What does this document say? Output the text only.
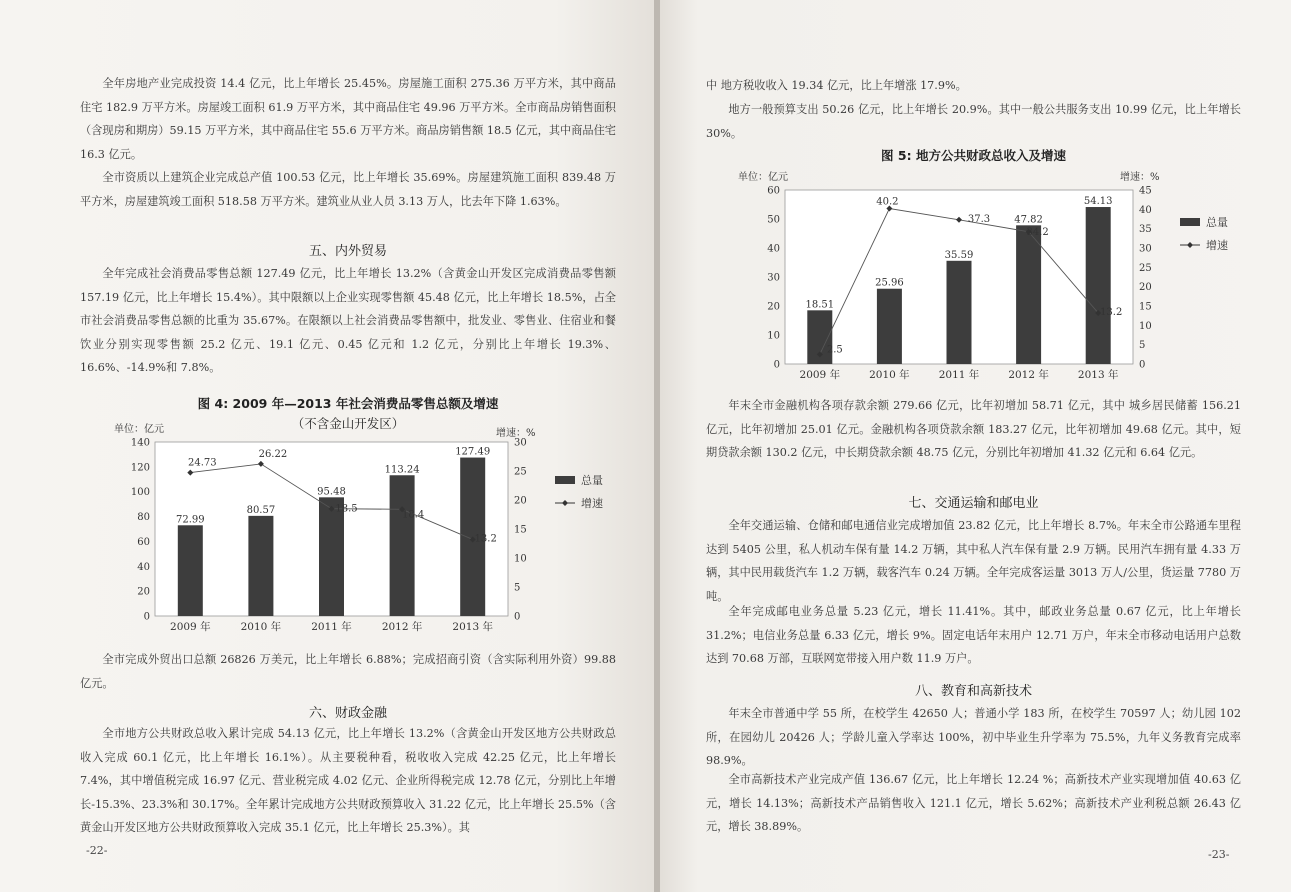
全年房地产业完成投资 14.4 亿元，比上年增长 25.45%。房屋施工面积 275.36 万平方米，其中商品住宅 182.9 万平方米。房屋竣工面积 61.9 万平方米，其中商品住宅 49.96 万平方米。全市商品房销售面积（含现房和期房）59.15 万平方米，其中商品住宅 55.6 万平方米。商品房销售额 18.5 亿元，其中商品住宅 16.3 亿元。

全市资质以上建筑企业完成总产值 100.53 亿元，比上年增长 35.69%。房屋建筑施工面积 839.48 万平方米，房屋建筑竣工面积 518.58 万平方米。建筑业从业人员 3.13 万人，比去年下降 1.63%。

五、内外贸易

全年完成社会消费品零售总额 127.49 亿元，比上年增长 13.2%（含黄金山开发区完成消费品零售额 157.19 亿元，比上年增长 15.4%）。其中限额以上企业实现零售额 45.48 亿元，比上年增长 18.5%，占全市社会消费品零售总额的比重为 35.67%。在限额以上社会消费品零售额中，批发业、零售业、住宿业和餐饮业分别实现零售额 25.2 亿元、19.1 亿元、0.45 亿元和 1.2 亿元，分别比上年增长 19.3%、16.6%、-14.9%和 7.8%。

图 4: 2009 年—2013 年社会消费品零售总额及增速

（不含金山开发区）

单位：亿元	增速：%
0
20
40
60
80
100
120
140
0
5
10
15
20
25
30
72.99
80.57
95.48
113.24
127.49
24.73
26.22
18.5
18.4
13.2
2009 年	2010 年	2011 年	2012 年	2013 年
总量
增速

全市完成外贸出口总额 26826 万美元，比上年增长 6.88%；完成招商引资（含实际利用外资）99.88 亿元。

六、财政金融

全市地方公共财政总收入累计完成 54.13 亿元，比上年增长 13.2%（含黄金山开发区地方公共财政总收入完成 60.1 亿元，比上年增长 16.1%）。从主要税种看，税收收入完成 42.25 亿元，比上年增长 7.4%，其中增值税完成 16.97 亿元、营业税完成 4.02 亿元、企业所得税完成 12.78 亿元，分别比上年增长-15.3%、23.3%和 30.17%。全年累计完成地方公共财政预算收入 31.22 亿元，比上年增长 25.5%（含黄金山开发区地方公共财政预算收入完成 35.1 亿元，比上年增长 25.3%）。其

-22-

中 地方税收收入 19.34 亿元，比上年增涨 17.9%。

地方一般预算支出 50.26 亿元，比上年增长 20.9%。其中一般公共服务支出 10.99 亿元，比上年增长 30%。

图 5: 地方公共财政总收入及增速

单位：亿元	增速：%
0
10
20
30
40
50
60
0
5
10
15
20
25
30
35
40
45
18.51
25.96
35.59
47.82
54.13
2.5
40.2
37.3
34.2
13.2
2009 年	2010 年	2011 年	2012 年	2013 年
总量
增速

年末全市金融机构各项存款余额 279.66 亿元，比年初增加 58.71 亿元，其中 城乡居民储蓄 156.21 亿元，比年初增加 25.01 亿元。金融机构各项贷款余额 183.27 亿元，比年初增加 49.68 亿元。其中，短期贷款余额 130.2 亿元，中长期贷款余额 48.75 亿元，分别比年初增加 41.32 亿元和 6.64 亿元。

七、交通运输和邮电业

全年交通运输、仓储和邮电通信业完成增加值 23.82 亿元，比上年增长 8.7%。年末全市公路通车里程达到 5405 公里，私人机动车保有量 14.2 万辆，其中私人汽车保有量 2.9 万辆。民用汽车拥有量 4.33 万辆，其中民用载货汽车 1.2 万辆，载客汽车 0.24 万辆。全年完成客运量 3013 万人/公里，货运量 7780 万吨。

全年完成邮电业务总量 5.23 亿元，增长 11.41%。其中，邮政业务总量 0.67 亿元，比上年增长 31.2%；电信业务总量 6.33 亿元，增长 9%。固定电话年末用户 12.71 万户，年末全市移动电话用户总数达到 70.68 万部，互联网宽带接入用户数 11.9 万户。

八、教育和高新技术

年末全市普通中学 55 所，在校学生 42650 人；普通小学 183 所，在校学生 70597 人；幼儿园 102 所，在园幼儿 20426 人；学龄儿童入学率达 100%，初中毕业生升学率为 75.5%，九年义务教育完成率 98.9%。

全市高新技术产业完成产值 136.67 亿元，比上年增长 12.24 %；高新技术产业实现增加值 40.63 亿元，增长 14.13%；高新技术产品销售收入 121.1 亿元，增长 5.62%；高新技术产业利税总额 26.43 亿元，增长 38.89%。

-23-
